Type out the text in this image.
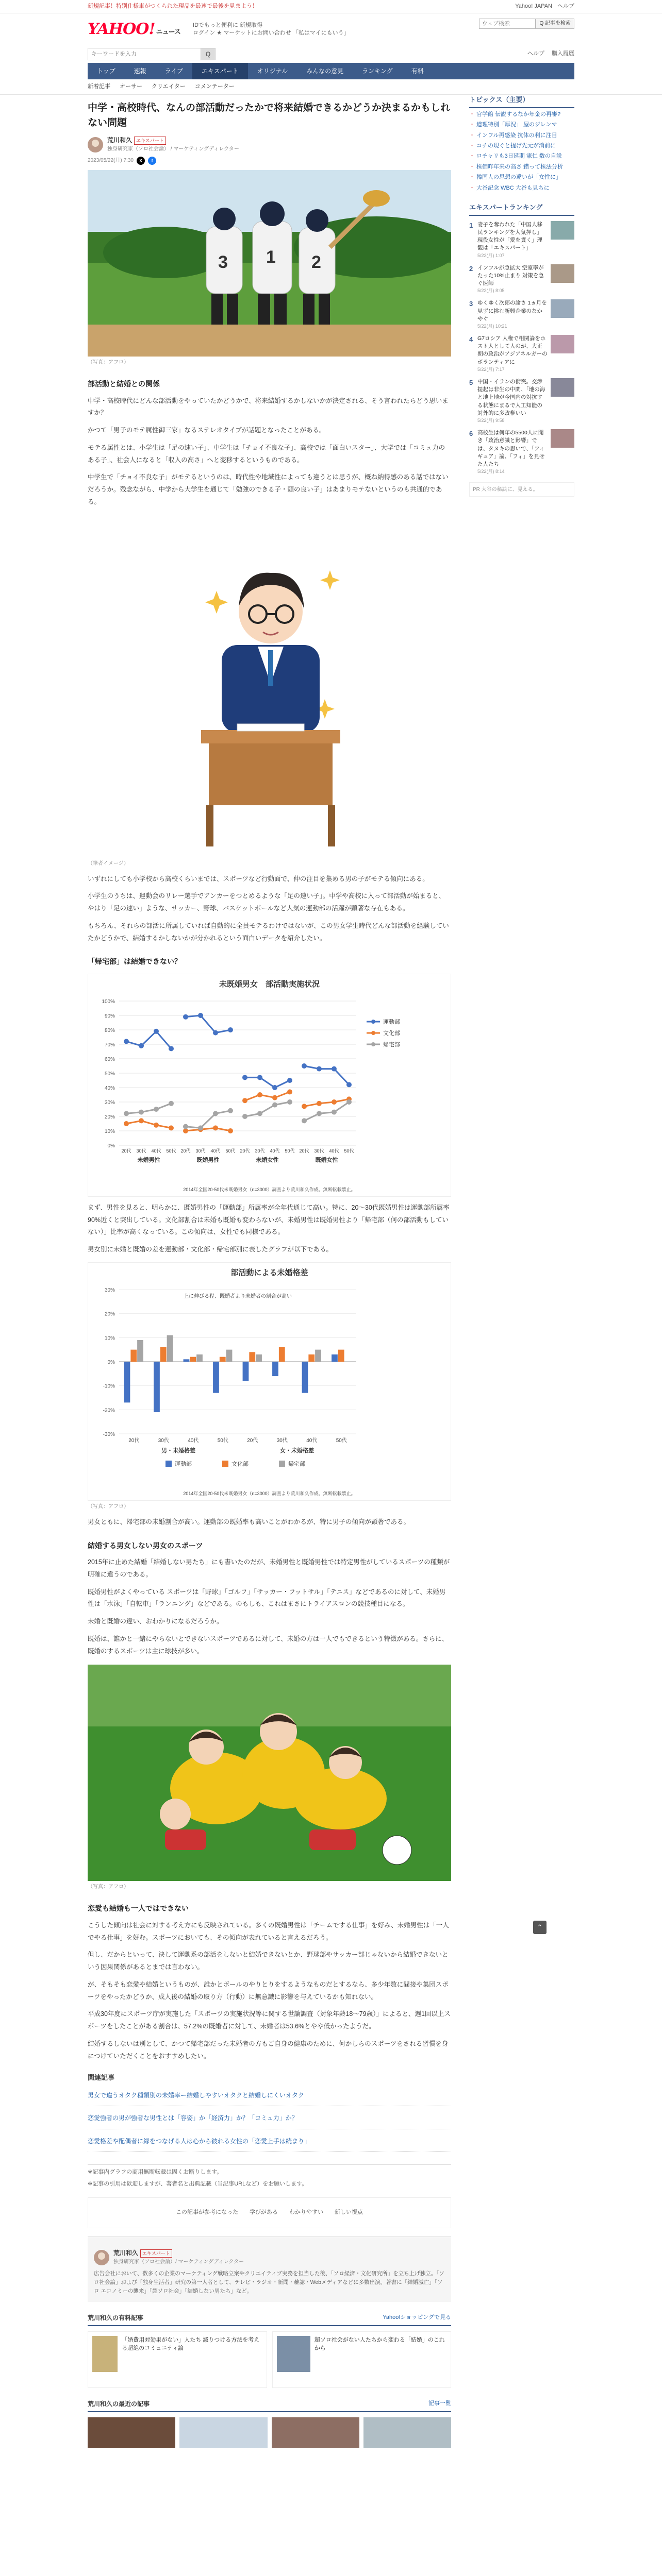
新規記事！特別仕様車がつくられた現品を最速で最後を見まよう！	Yahoo! JAPAN ヘルプ
YAHOO! ニュース
IDでもっと便利に 新規取得
ログイン ★ マーケットにお問い合わせ 「私はマイにもいう」
ウェブ検索
Q 記事を検索
キーワードを入力
Q	ヘルプ 購入履歴
トップ	速報	ライブ	エキスパート	オリジナル	みんなの意見	ランキング	有料
新着記事 オーサー クリエイター コメンテーター
中学・高校時代、なんの部活動だったかで将来結婚できるかどうか決まるかもしれない問題
荒川和久 エキスパート
独身研究家（ソロ社会論） / マーケティングディレクター
2023/05/22(月) 7:30	X	f
3 1 2
（写真：アフロ）
部活動と結婚との関係

中学・高校時代にどんな部活動をやっていたかどうかで、将来結婚するかしないかが決定される、そう言われたらどう思いますか？

かつて「男子のモテ属性御三家」なるステレオタイプが話題となったことがある。

モテる属性とは、小学生は「足の速い子」、中学生は「チョイ不良な子」、高校では「面白いスター」、大学では「コミュ力のある子」、社会人になると「収入の高さ」へと変移するというものである。

中学生で「チョイ不良な子」がモテるというのは、時代性や地域性によっても違うとは思うが、概ね納得感のある話ではないだろうか。残念ながら、中学から大学生を通じて「勉強のできる子・頭の良い子」はあまりモテないというのも共通的である。

（筆者イメージ）

いずれにしても小学校から高校くらいまでは、スポーツなど行動面で、仲の注目を集める男の子がモテる傾向にある。

小学生のうちは、運動会のリレー選手でアンカーをつとめるような「足の速い子」。中学や高校に入って部活動が始まると、やはり「足の速い」ような、サッカー、野球、バスケットボールなど人気の運動部の活躍が顕著な存在もある。

もちろん、それらの部活に所属していれば自動的に全員モテるわけではないが、この男女学生時代どんな部活動を経験していたかどうかで、結婚するかしないかが分かれるという面白いデータを紹介したい。

「帰宅部」は結婚できない？
未既婚男女　部活動実施状況
0%
10%
20%
30%
40%
50%
60%
70%
80%
90%
100%
20代 30代 40代 50代
未婚男性
20代 30代 40代 50代
既婚男性
20代 30代 40代 50代
未婚女性
20代 30代 40代 50代
既婚女性
運動部
文化部
帰宅部
2014年全国20-50代未既婚男女（n=3000）調査より荒川和久作成。無断転載禁止。

まず、男性を見ると、明らかに、既婚男性の「運動部」所属率が全年代通じて高い。特に、20〜30代既婚男性は運動部所属率90%近くと突出している。文化部割合は未婚も既婚も変わらないが、未婚男性は既婚男性より「帰宅部（何の部活動もしていない）」比率が高くなっている。この傾向は、女性でも同様である。

男女別に未婚と既婚の差を運動部・文化部・帰宅部別に表したグラフが以下である。

部活動による未婚格差
30%
20%
10%
0%
-10%
-20%
-30%
20代	30代	40代	50代
男・未婚格差
20代	30代	40代	50代
女・未婚格差
上に伸びる程、既婚者より未婚者の割合が高い
運動部	文化部	帰宅部
2014年全国20-50代未既婚男女（n=3000）調査より荒川和久作成。無断転載禁止。
（写真：アフロ）

男女ともに、帰宅部の未婚割合が高い。運動部の既婚率も高いことがわかるが、特に男子の傾向が顕著である。

結婚する男女しない男女のスポーツ

2015年に止めた結婚「結婚しない男たち」にも書いたのだが、未婚男性と既婚男性では特定男性がしているスポーツの種類が明確に違うのである。

既婚男性がよくやっている スポーツは「野球」「ゴルフ」「サッカー・フットサル」「テニス」などであるのに対して、未婚男性は「水泳」「自転車」「ランニング」などである。のもしも、これはまさにトライアスロンの競技種目になる。

未婚と既婚の違い、おわかりになるだろうか。

既婚は、誰かと一緒にやらないとできないスポーツであるに対して、未婚の方は一人でもできるという特徴がある。さらに、既婚のするスポーツは主に球技が多い。

（写真：アフロ）
恋愛も結婚も一人ではできない

こうした傾向は社会に対する考え方にも反映されている。多くの既婚男性は「チームでする仕事」を好み、未婚男性は「一人でやる仕事」を好む。スポーツにおいても、その傾向が表れていると言えるだろう。

但し、だからといって、決して運動系の部活をしないと結婚できないとか、野球部やサッカー部じゃないから結婚できないという因果関係があるとまでは言わない。

が、そもそも恋愛や結婚というものが、誰かとボールのやりとりをするようなものだとするなら、多少年数に間接や集団スポーツをやったかどうか、成人後の結婚の取り方（行動）に無意識に影響を与えているかも知れない。

平成30年度にスポーツ庁が実施した「スポーツの実施状況等に関する世論調査（対象年齢18〜79歳）」によると、週1回以上スポーツをしたことがある割合は、57.2%の既婚者に対して、未婚者は53.6%とやや低かったようだ。

結婚するしないは別として、かつて帰宅部だった未婚者の方もご自身の健康のために、何かしらのスポーツをされる習慣を身につけていただくことをおすすめしたい。

関連記事
男女で違うオタク種類別の未婚率ー結婚しやすいオタクと結婚しにくいオタク
恋愛強者の男が強者な男性とは「容姿」か「経済力」か？「コミュ力」か？
恋愛格差や配偶者に縁をつなげる人は心から彼れる女性の「恋愛上手は続まり」
※記事内グラフの商用無断転載は固くお断りします。
※記事の引用は歓迎しますが、著者名と出典記載（当記事URLなど）をお願いします。
この記事が参考になった 学びがある わかりやすい 新しい視点
荒川和久 エキスパート
独身研究家（ソロ社会論）/ マーケティングディレクター
広告会社において、数多くの企業のマーケティング戦略立案やクリエイティブ実務を担当した後、「ソロ経済・文化研究所」を立ち上げ独立。「ソロ社会論」および「独身生活者」研究の第一人者として、テレビ・ラジオ・新聞・雑誌・Webメディアなどに多数出演。著書に「結婚滅亡」「ソロ エコノミーの襲来」「超ソロ社会」「結婚しない男たち」など。
荒川和久の有料記事	Yahoo!ショッピングで見る
「婚費用対効果がない」人たち 減りつける方法を考える超絶のコミュニティ論
超ソロ社会がない人たちから変わる「結婚」のこれから
荒川和久の最近の記事	記事一覧
トピックス（主要）
・ 官学館 伝説するなか年金の再審?
・ 道理特別「厚況」 屋のジレンマ
・ インフル再感染 抗体の利に注目
・ コチの現ぐと提げ先元が消前に
・ ロチャリも3日延期 憲仁 数の自説
・ 株価昨年来の高さ 錯って株法分析
・ 韓国人の思想の違いが「女性に」
・ 大谷記念 WBC 大谷も見ちに
エキスパートランキング
1 妻子を奪われた「中国人移民ランキングを人気押し」現役女性が「愛を貫く」理観は「エキスパート」
5/22(月) 1:07
2 インフルが急拡大 空室率がたった10%止まり 対策を急ぐ医師
5/22(月) 8:05
3 ゆくゆく次郎の論さ 1ヵ月を見ずに挑む新興企業のなかやぐ
5/22(月) 10:21
4 G7ロシア 人権で相関論をホスト人として人のが、大正期の政治がアジアネルガーのボランティアに
5/22(月) 7:17
5 中国・イランの衝突。交渉提起は非生の中間、「地の海と地上地が今国内の対抗する状態にまるで人工知能の対外的に多政権いい
5/22(月) 9:58
6 高校生は何年の5500人に聞き「政治意識と影響」では、タヌキの思いで、「フィギュア」論、「フィ」を見せた人たち
5/22(月) 8:14
PR 大谷の秘訣に、見える。
⌃
